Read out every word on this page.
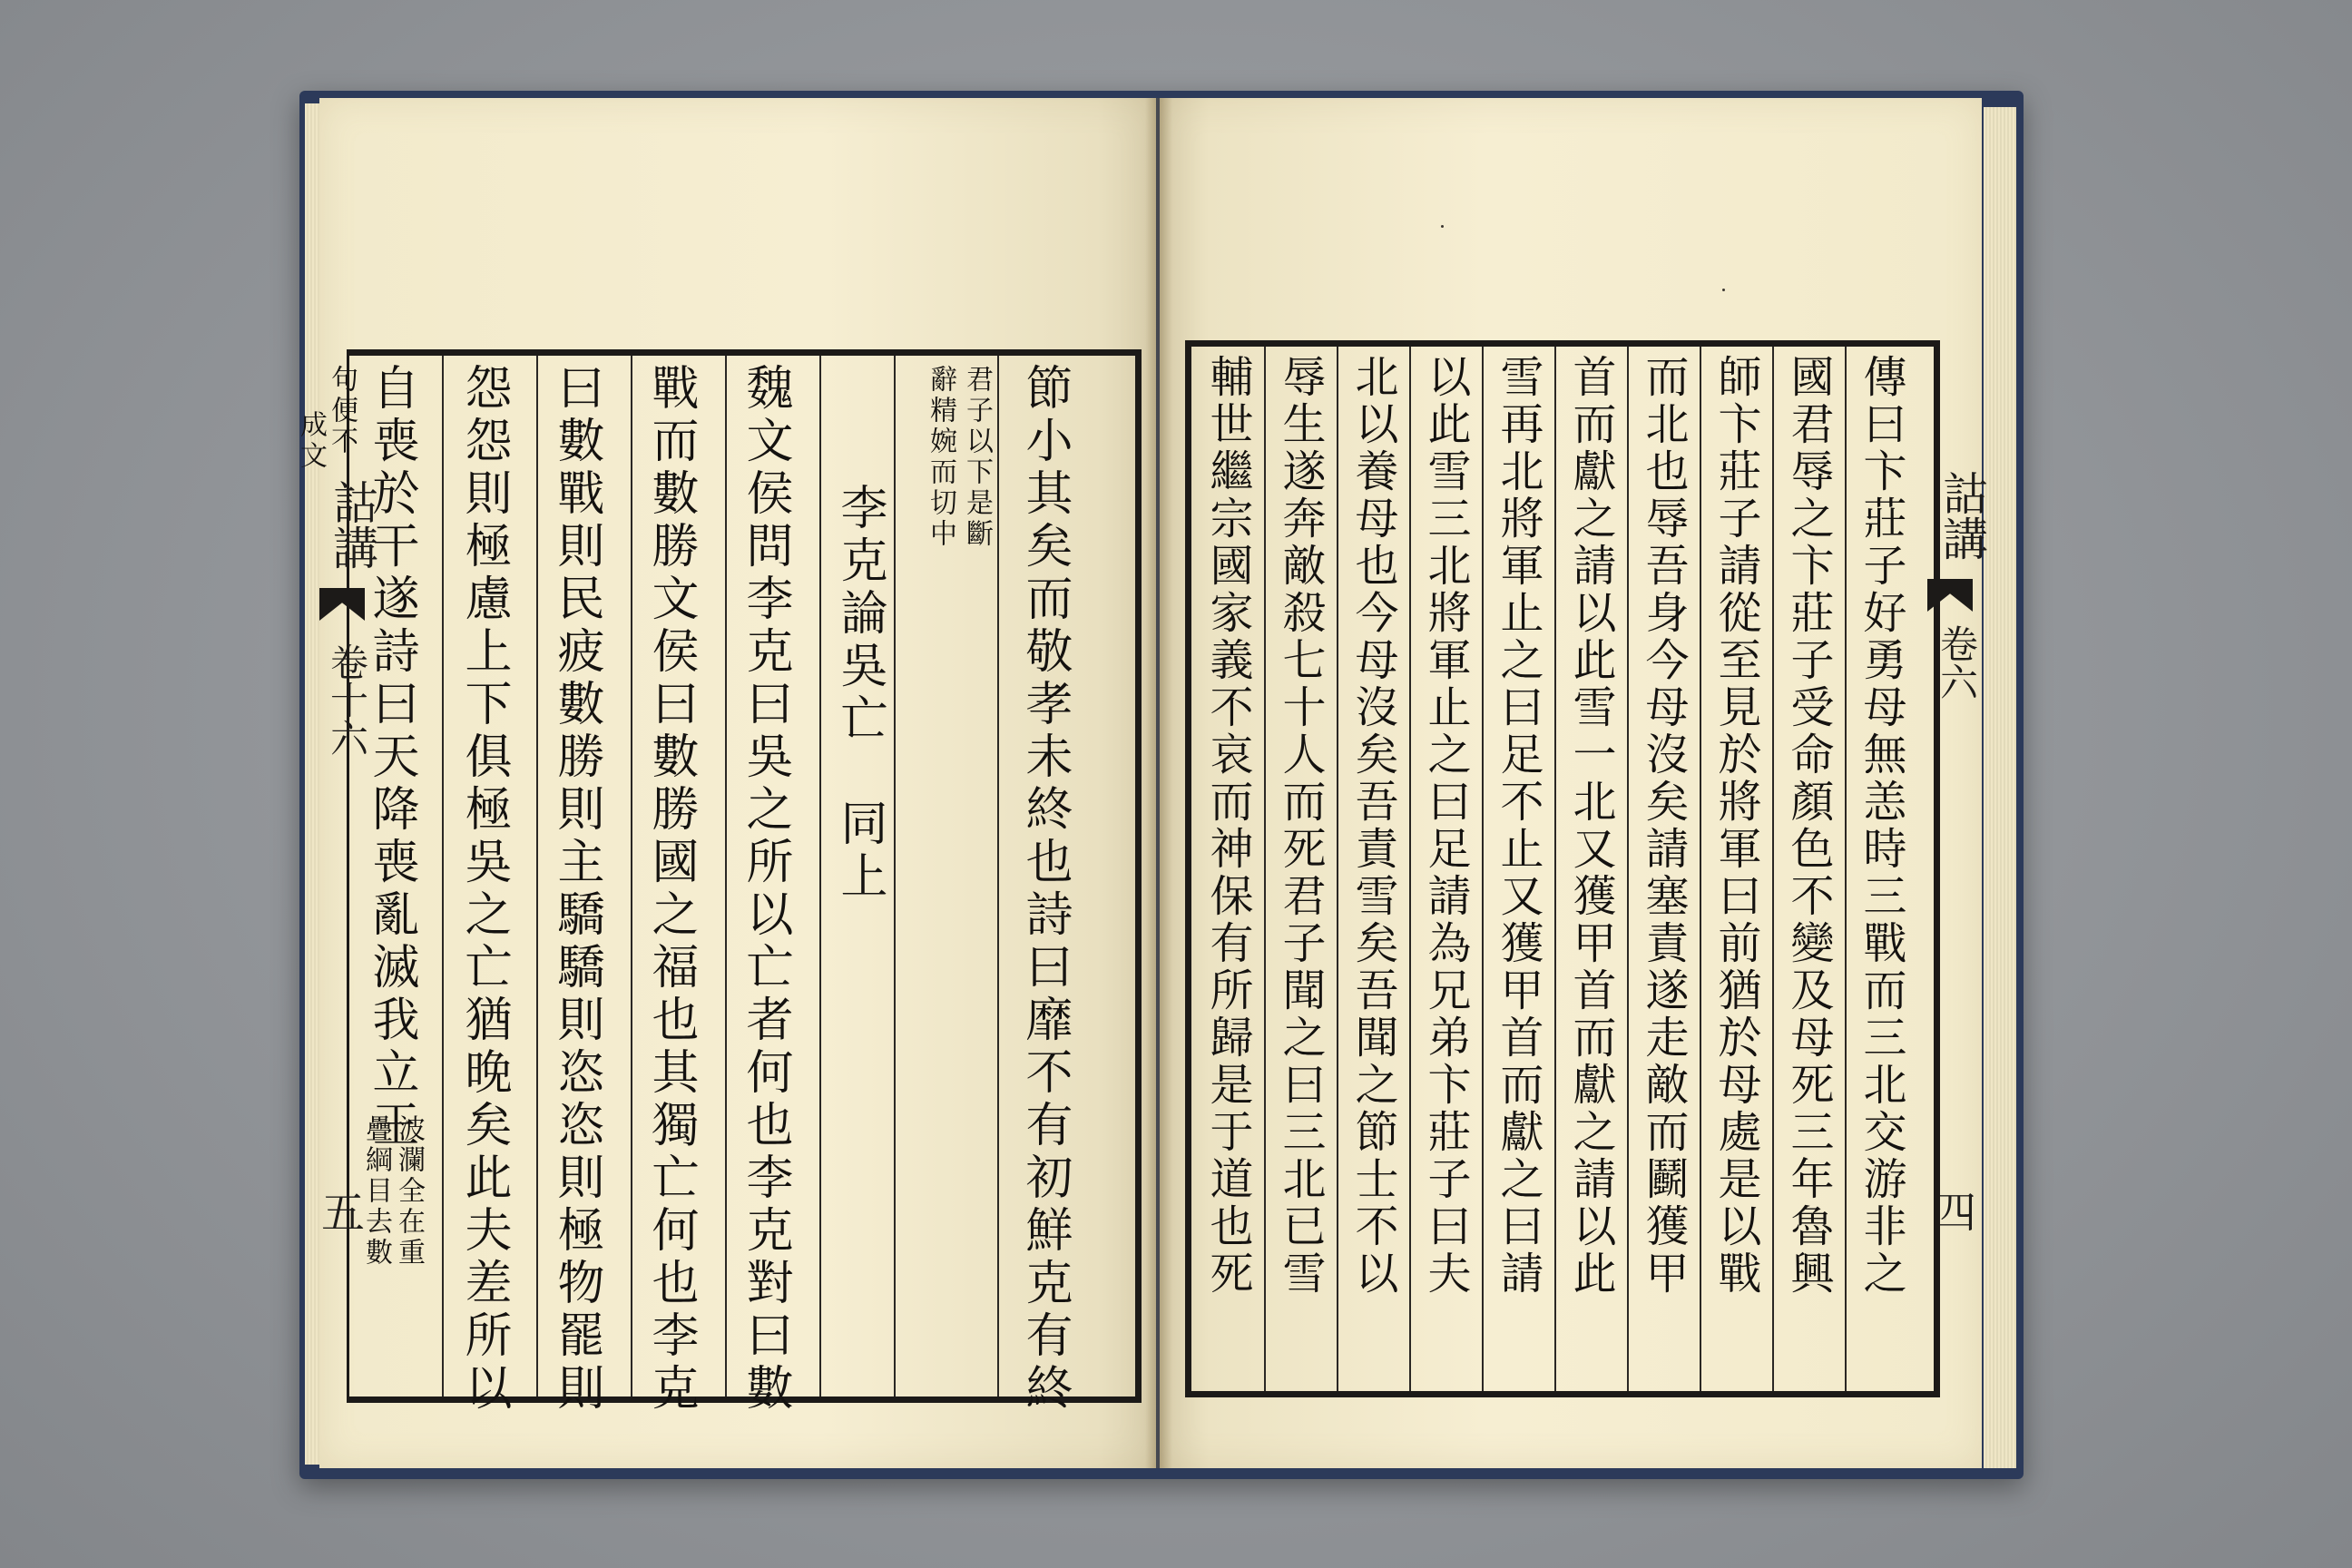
詁講
卷十六
五	節小其矣而敬孝未終也詩曰靡不有初鮮克有終
君子以下是斷
辭精婉而切中
李克論吳亡　同上
魏文侯問李克曰吳之所以亡者何也李克對曰數
戰而數勝文侯曰數勝國之福也其獨亡何也李克
曰數戰則民疲數勝則主驕驕則恣恣則極物罷則
怨怨則極慮上下俱極吳之亡猶晚矣此夫差所以
自喪於干遂詩曰天降喪亂滅我立王
波瀾全在重
疊綱目去數
句便不
成文
詁講
卷六
四
傳曰卞莊子好勇母無恙時三戰而三北交游非之
國君辱之卞莊子受命顏色不變及母死三年魯興
師卞莊子請從至見於將軍曰前猶於母處是以戰
而北也辱吾身今母沒矣請塞責遂走敵而鬬獲甲
首而獻之請以此雪一北又獲甲首而獻之請以此
雪再北將軍止之曰足不止又獲甲首而獻之曰請
以此雪三北將軍止之曰足請為兄弟卞莊子曰夫
北以養母也今母沒矣吾責雪矣吾聞之節士不以
辱生遂奔敵殺七十人而死君子聞之曰三北已雪
輔世繼宗國家義不哀而神保有所歸是于道也死
